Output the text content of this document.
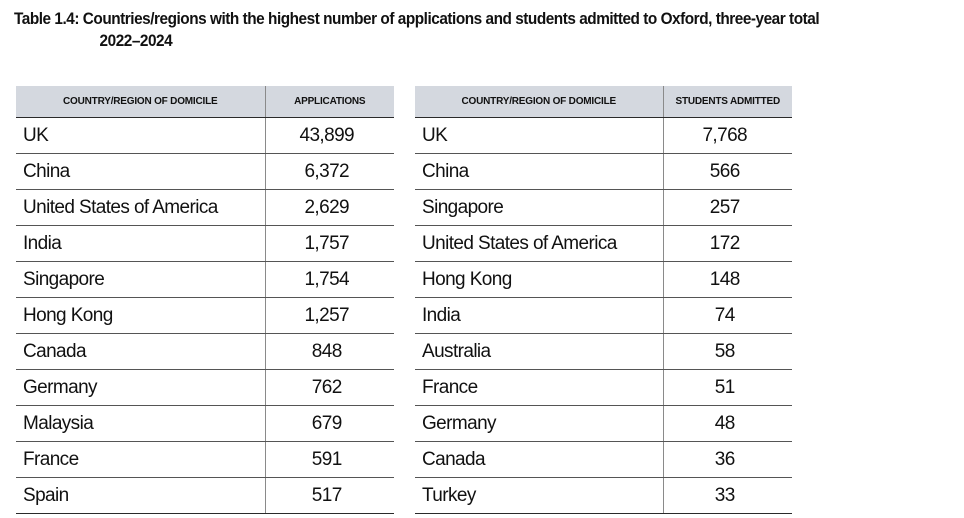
Table 1.4: Countries/regions with the highest number of applications and students admitted to Oxford, three-year total
2022–2024
COUNTRY/REGION OF DOMICILE	APPLICATIONS
UK	43,899
China	6,372
United States of America	2,629
India	1,757
Singapore	1,754
Hong Kong	1,257
Canada	848
Germany	762
Malaysia	679
France	591
Spain	517
COUNTRY/REGION OF DOMICILE	STUDENTS ADMITTED
UK	7,768
China	566
Singapore	257
United States of America	172
Hong Kong	148
India	74
Australia	58
France	51
Germany	48
Canada	36
Turkey	33
